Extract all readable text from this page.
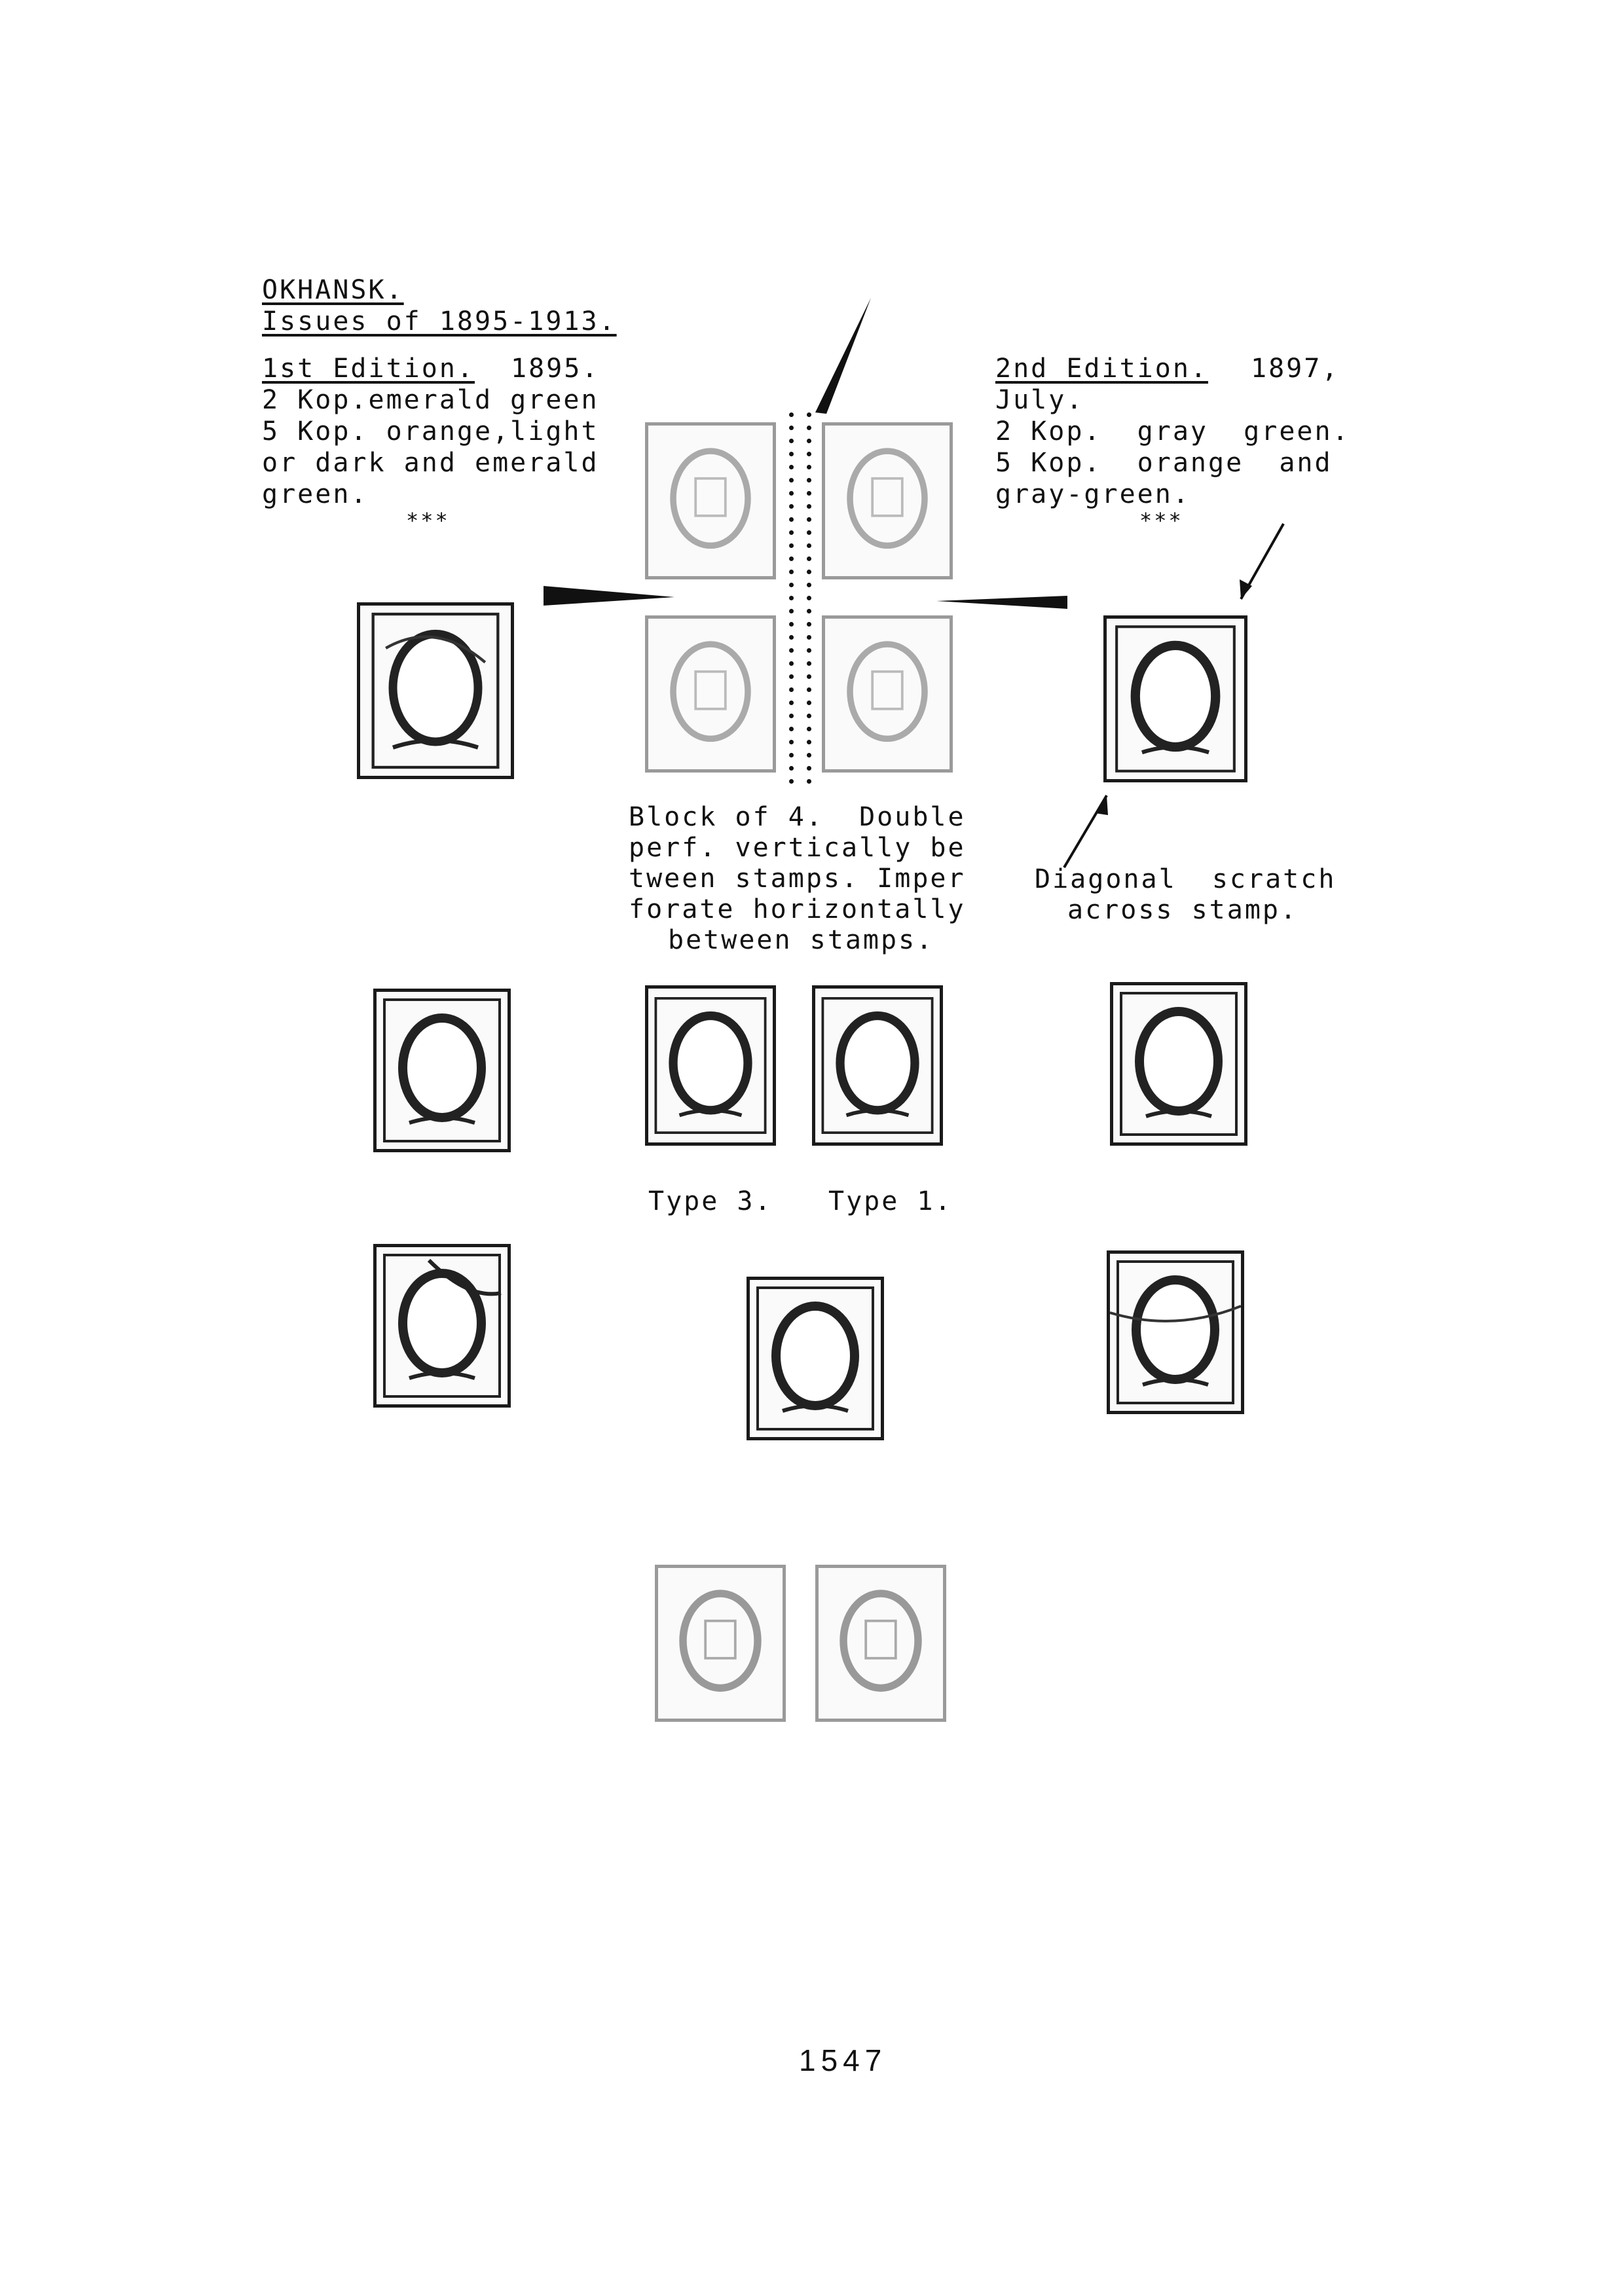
OKHANSK.
Issues of 1895-1913.
1st Edition. 1895.
2 Kop.emerald green
5 Kop. orange,light
or dark and emerald
green.
***
2nd Edition. 1897,
July.
2 Kop.  gray  green.
5 Kop.  orange  and
gray-green.
***
Block of 4.  Double
perf. vertically be
tween stamps. Imper
forate horizontally
between stamps.
Diagonal  scratch
across stamp.
Type 3. Type 1.
1547
